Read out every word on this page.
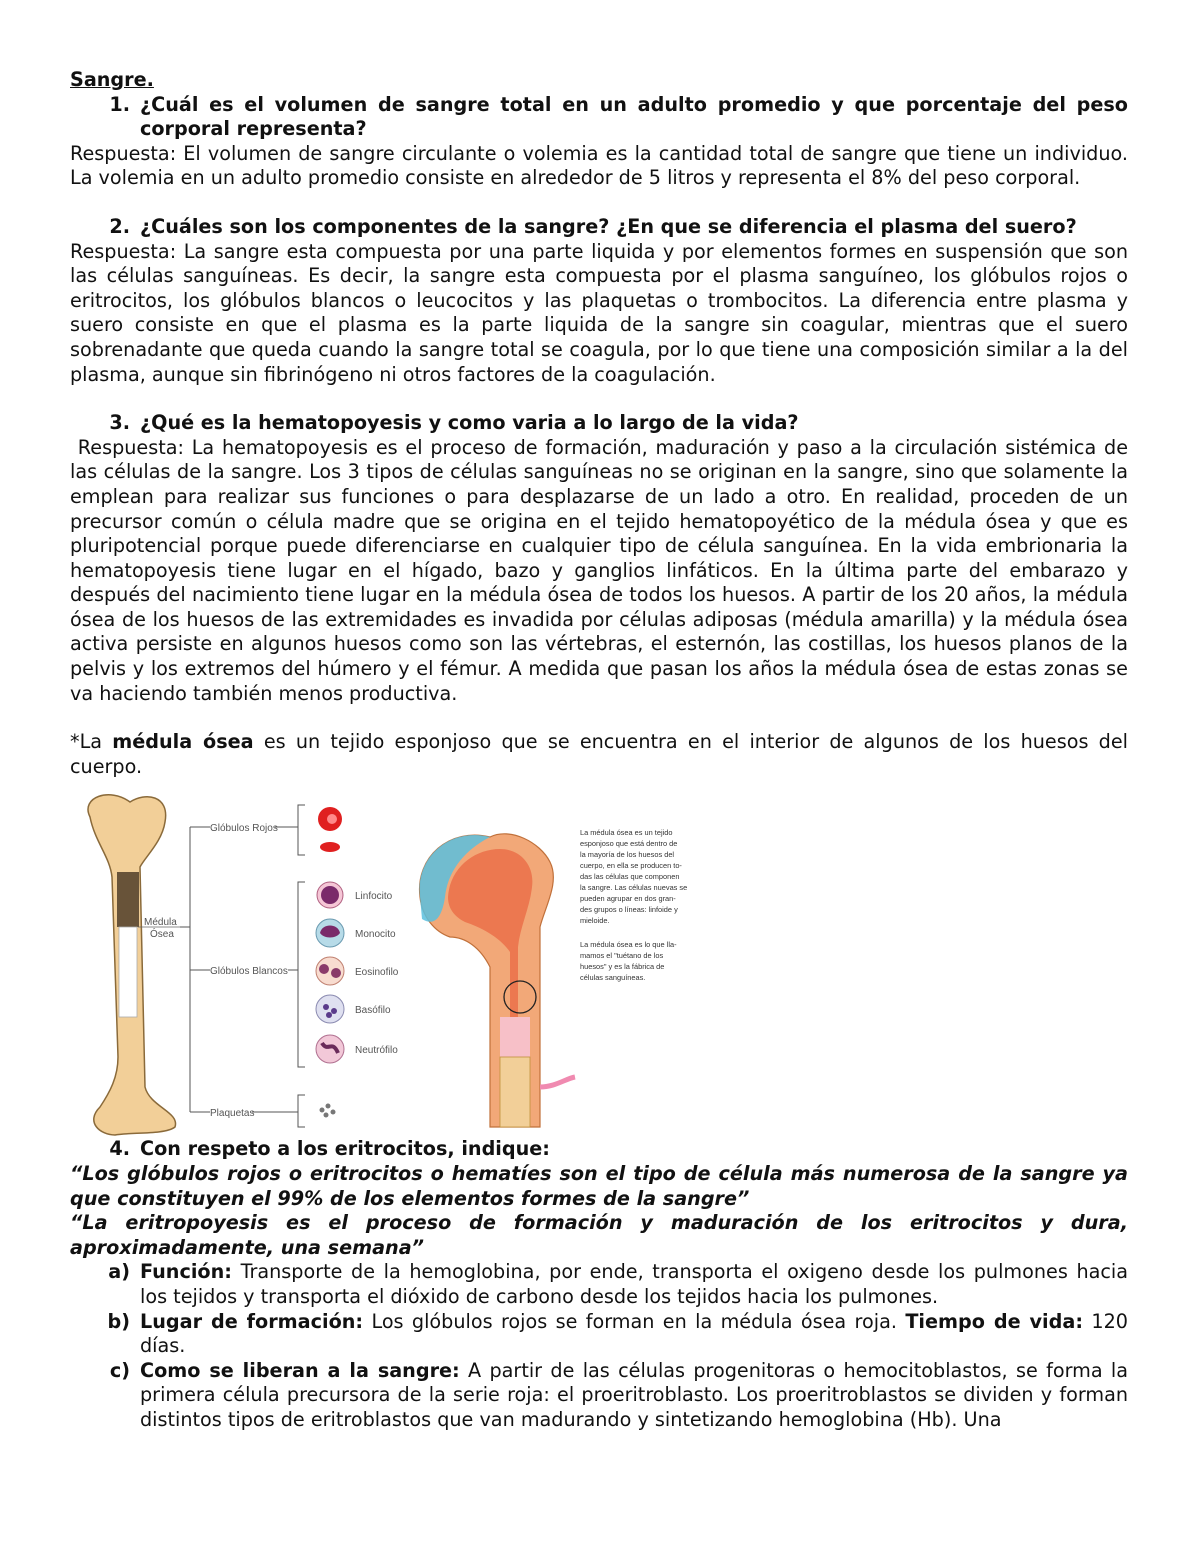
Sangre.

1. ¿Cuál es el volumen de sangre total en un adulto promedio y que porcentaje del peso corporal representa?

Respuesta: El volumen de sangre circulante o volemia es la cantidad total de sangre que tiene un individuo. La volemia en un adulto promedio consiste en alrededor de 5 litros y representa el 8% del peso corporal.

2. ¿Cuáles son los componentes de la sangre? ¿En que se diferencia el plasma del suero?

Respuesta: La sangre esta compuesta por una parte liquida y por elementos formes en suspensión que son las células sanguíneas. Es decir, la sangre esta compuesta por el plasma sanguíneo, los glóbulos rojos o eritrocitos, los glóbulos blancos o leucocitos y las plaquetas o trombocitos. La diferencia entre plasma y suero consiste en que el plasma es la parte liquida de la sangre sin coagular, mientras que el suero sobrenadante que queda cuando la sangre total se coagula, por lo que tiene una composición similar a la del plasma, aunque sin fibrinógeno ni otros factores de la coagulación.

3. ¿Qué es la hematopoyesis y como varia a lo largo de la vida?

Respuesta: La hematopoyesis es el proceso de formación, maduración y paso a la circulación sistémica de las células de la sangre. Los 3 tipos de células sanguíneas no se originan en la sangre, sino que solamente la emplean para realizar sus funciones o para desplazarse de un lado a otro. En realidad, proceden de un precursor común o célula madre que se origina en el tejido hematopoyético de la médula ósea y que es pluripotencial porque puede diferenciarse en cualquier tipo de célula sanguínea. En la vida embrionaria la hematopoyesis tiene lugar en el hígado, bazo y ganglios linfáticos. En la última parte del embarazo y después del nacimiento tiene lugar en la médula ósea de todos los huesos. A partir de los 20 años, la médula ósea de los huesos de las extremidades es invadida por células adiposas (médula amarilla) y la médula ósea activa persiste en algunos huesos como son las vértebras, el esternón, las costillas, los huesos planos de la pelvis y los extremos del húmero y el fémur. A medida que pasan los años la médula ósea de estas zonas se va haciendo también menos productiva.

*La médula ósea es un tejido esponjoso que se encuentra en el interior de algunos de los huesos del cuerpo.

Médula
Ósea
Glóbulos Rojos
Glóbulos Blancos
Plaquetas
Linfocito
Monocito
Eosinofilo
Basófilo
Neutrófilo
La médula ósea es un tejido
esponjoso que está dentro de
la mayoría de los huesos del
cuerpo, en ella se producen to-
das las células que componen
la sangre. Las células nuevas se
pueden agrupar en dos gran-
des grupos o líneas: linfoide y
mieloide.
La médula ósea es lo que lla-
mamos el "tuétano de los
huesos" y es la fábrica de
células sanguíneas.
4. Con respeto a los eritrocitos, indique:

“Los glóbulos rojos o eritrocitos o hematíes son el tipo de célula más numerosa de la sangre ya que constituyen el 99% de los elementos formes de la sangre”

“La eritropoyesis es el proceso de formación y maduración de los eritrocitos y dura, aproximadamente, una semana”

a) Función: Transporte de la hemoglobina, por ende, transporta el oxigeno desde los pulmones hacia los tejidos y transporta el dióxido de carbono desde los tejidos hacia los pulmones.
b) Lugar de formación: Los glóbulos rojos se forman en la médula ósea roja. Tiempo de vida: 120 días.
c) Como se liberan a la sangre: A partir de las células progenitoras o hemocitoblastos, se forma la primera célula precursora de la serie roja: el proeritroblasto. Los proeritroblastos se dividen y forman distintos tipos de eritroblastos que van madurando y sintetizando hemoglobina (Hb). Una
